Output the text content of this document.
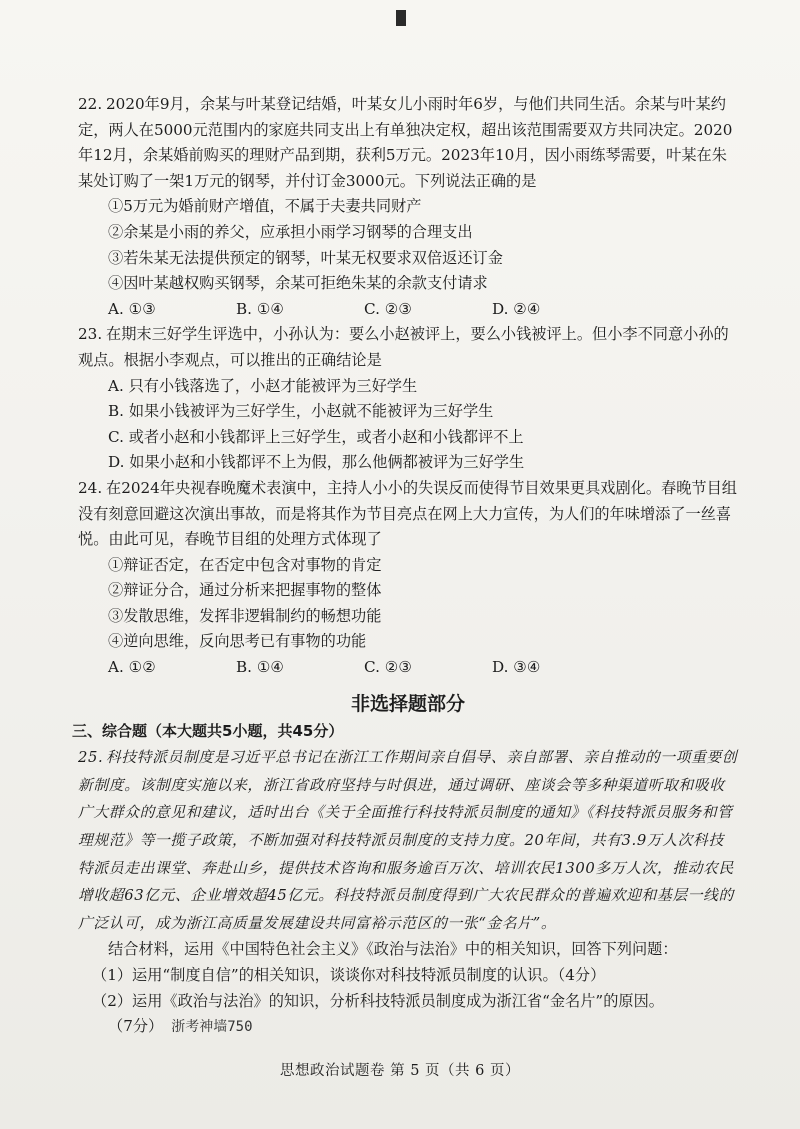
22. 2020年9月，余某与叶某登记结婚，叶某女儿小雨时年6岁，与他们共同生活。余某与叶某约定，两人在5000元范围内的家庭共同支出上有单独决定权，超出该范围需要双方共同决定。2020年12月，余某婚前购买的理财产品到期，获利5万元。2023年10月，因小雨练琴需要，叶某在朱某处订购了一架1万元的钢琴，并付订金3000元。下列说法正确的是
①5万元为婚前财产增值，不属于夫妻共同财产
②余某是小雨的养父，应承担小雨学习钢琴的合理支出
③若朱某无法提供预定的钢琴，叶某无权要求双倍返还订金
④因叶某越权购买钢琴，余某可拒绝朱某的余款支付请求
A. ①③	B. ①④	C. ②③	D. ②④
23. 在期末三好学生评选中，小孙认为：要么小赵被评上，要么小钱被评上。但小李不同意小孙的观点。根据小李观点，可以推出的正确结论是
A. 只有小钱落选了，小赵才能被评为三好学生
B. 如果小钱被评为三好学生，小赵就不能被评为三好学生
C. 或者小赵和小钱都评上三好学生，或者小赵和小钱都评不上
D. 如果小赵和小钱都评不上为假，那么他俩都被评为三好学生
24. 在2024年央视春晚魔术表演中，主持人小小的失误反而使得节目效果更具戏剧化。春晚节目组没有刻意回避这次演出事故，而是将其作为节目亮点在网上大力宣传，为人们的年味增添了一丝喜悦。由此可见，春晚节目组的处理方式体现了
①辩证否定，在否定中包含对事物的肯定
②辩证分合，通过分析来把握事物的整体
③发散思维，发挥非逻辑制约的畅想功能
④逆向思维，反向思考已有事物的功能
A. ①②	B. ①④	C. ②③	D. ③④
非选择题部分
三、综合题（本大题共5小题，共45分）
25. 科技特派员制度是习近平总书记在浙江工作期间亲自倡导、亲自部署、亲自推动的一项重要创新制度。该制度实施以来，浙江省政府坚持与时俱进，通过调研、座谈会等多种渠道听取和吸收广大群众的意见和建议，适时出台《关于全面推行科技特派员制度的通知》《科技特派员服务和管理规范》等一揽子政策，不断加强对科技特派员制度的支持力度。20年间，共有3.9万人次科技特派员走出课堂、奔赴山乡，提供技术咨询和服务逾百万次、培训农民1300多万人次，推动农民增收超63亿元、企业增效超45亿元。科技特派员制度得到广大农民群众的普遍欢迎和基层一线的广泛认可，成为浙江高质量发展建设共同富裕示范区的一张“金名片”。
结合材料，运用《中国特色社会主义》《政治与法治》中的相关知识，回答下列问题：
（1）运用“制度自信”的相关知识，谈谈你对科技特派员制度的认识。（4分）
（2）运用《政治与法治》的知识，分析科技特派员制度成为浙江省“金名片”的原因。
（7分） 浙考神墙750
思想政治试题卷 第 5 页（共 6 页）
